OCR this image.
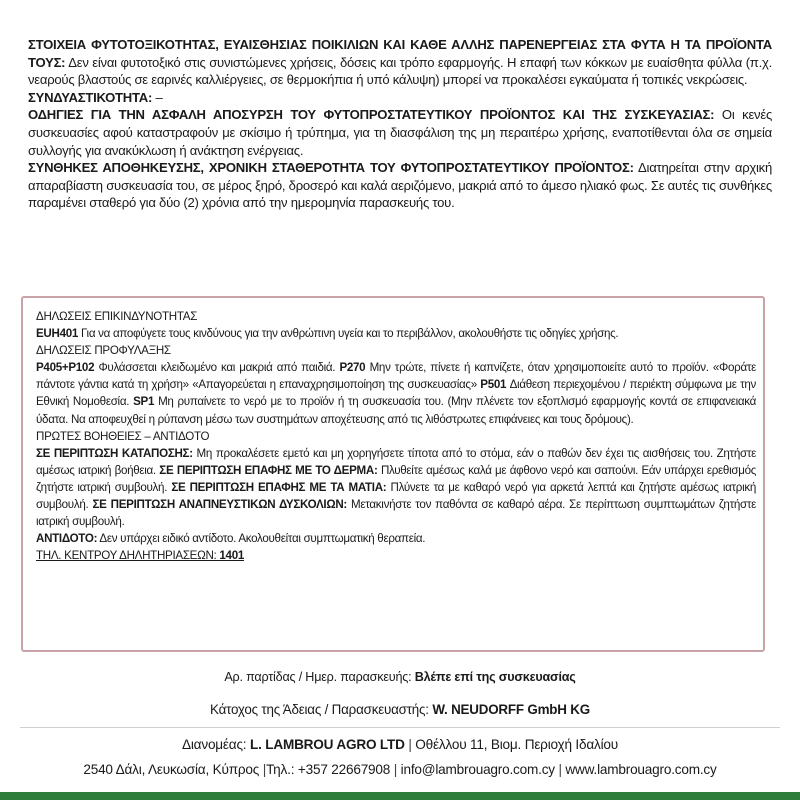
ΣΤΟΙΧΕΙΑ ΦΥΤΟΤΟΞΙΚΟΤΗΤΑΣ, ΕΥΑΙΣΘΗΣΙΑΣ ΠΟΙΚΙΛΙΩΝ ΚΑΙ ΚΑΘΕ ΑΛΛΗΣ ΠΑΡΕΝΕΡΓΕΙΑΣ ΣΤΑ ΦΥΤΑ Η ΤΑ ΠΡΟΪΟΝΤΑ ΤΟΥΣ: Δεν είναι φυτοτοξικό στις συνιστώμενες χρήσεις, δόσεις και τρόπο εφαρμογής. Η επαφή των κόκκων με ευαίσθητα φύλλα (π.χ. νεαρούς βλαστούς σε εαρινές καλλιέργειες, σε θερμοκήπια ή υπό κάλυψη) μπορεί να προκαλέσει εγκαύματα ή τοπικές νεκρώσεις.

ΣΥΝΔΥΑΣΤΙΚΟΤΗΤΑ: –

ΟΔΗΓΙΕΣ ΓΙΑ ΤΗΝ ΑΣΦΑΛΗ ΑΠΟΣΥΡΣΗ ΤΟΥ ΦΥΤΟΠΡΟΣΤΑΤΕΥΤΙΚΟΥ ΠΡΟΪΟΝΤΟΣ ΚΑΙ ΤΗΣ ΣΥΣΚΕΥΑΣΙΑΣ: Οι κενές συσκευασίες αφού καταστραφούν με σκίσιμο ή τρύπημα, για τη διασφάλιση της μη περαιτέρω χρήσης, εναποτίθενται όλα σε σημεία συλλογής για ανακύκλωση ή ανάκτηση ενέργειας.

ΣΥΝΘΗΚΕΣ ΑΠΟΘΗΚΕΥΣΗΣ, ΧΡΟΝΙΚΗ ΣΤΑΘΕΡΟΤΗΤΑ ΤΟΥ ΦΥΤΟΠΡΟΣΤΑΤΕΥΤΙΚΟΥ ΠΡΟΪΟΝΤΟΣ: Διατηρείται στην αρχική απαραβίαστη συσκευασία του, σε μέρος ξηρό, δροσερό και καλά αεριζόμενο, μακριά από το άμεσο ηλιακό φως. Σε αυτές τις συνθήκες παραμένει σταθερό για δύο (2) χρόνια από την ημερομηνία παρασκευής του.

ΔΗΛΩΣΕΙΣ ΕΠΙΚΙΝΔΥΝΟΤΗΤΑΣ

EUH401 Για να αποφύγετε τους κινδύνους για την ανθρώπινη υγεία και το περιβάλλον, ακολουθήστε τις οδηγίες χρήσης.

ΔΗΛΩΣΕΙΣ ΠΡΟΦΥΛΑΞΗΣ

P405+P102 Φυλάσσεται κλειδωμένο και μακριά από παιδιά. P270 Μην τρώτε, πίνετε ή καπνίζετε, όταν χρησιμοποιείτε αυτό το προϊόν. «Φοράτε πάντοτε γάντια κατά τη χρήση» «Απαγορεύεται η επαναχρησιμοποίηση της συσκευασίας» P501 Διάθεση περιεχομένου / περιέκτη σύμφωνα με την Εθνική Νομοθεσία. SP1 Μη ρυπαίνετε το νερό με το προϊόν ή τη συσκευασία του. (Μην πλένετε τον εξοπλισμό εφαρμογής κοντά σε επιφανειακά ύδατα. Να αποφευχθεί η ρύπανση μέσω των συστημάτων αποχέτευσης από τις λιθόστρωτες επιφάνειες και τους δρόμους).

ΠΡΩΤΕΣ ΒΟΗΘΕΙΕΣ – ΑΝΤΙΔΟΤΟ

ΣΕ ΠΕΡΙΠΤΩΣΗ ΚΑΤΑΠΟΣΗΣ: Μη προκαλέσετε εμετό και μη χορηγήσετε τίποτα από το στόμα, εάν ο παθών δεν έχει τις αισθήσεις του. Ζητήστε αμέσως ιατρική βοήθεια. ΣΕ ΠΕΡΙΠΤΩΣΗ ΕΠΑΦΗΣ ΜΕ ΤΟ ΔΕΡΜΑ: Πλυθείτε αμέσως καλά με άφθονο νερό και σαπούνι. Εάν υπάρχει ερεθισμός ζητήστε ιατρική συμβουλή. ΣΕ ΠΕΡΙΠΤΩΣΗ ΕΠΑΦΗΣ ΜΕ ΤΑ ΜΑΤΙΑ: Πλύνετε τα με καθαρό νερό για αρκετά λεπτά και ζητήστε αμέσως ιατρική συμβουλή. ΣΕ ΠΕΡΙΠΤΩΣΗ ΑΝΑΠΝΕΥΣΤΙΚΩΝ ΔΥΣΚΟΛΙΩΝ: Μετακινήστε τον παθόντα σε καθαρό αέρα. Σε περίπτωση συμπτωμάτων ζητήστε ιατρική συμβουλή.

ΑΝΤΙΔΟΤΟ: Δεν υπάρχει ειδικό αντίδοτο. Ακολουθείται συμπτωματική θεραπεία.

ΤΗΛ. ΚΕΝΤΡΟΥ ΔΗΛΗΤΗΡΙΑΣΕΩΝ: 1401

Αρ. παρτίδας / Ημερ. παρασκευής: Βλέπε επί της συσκευασίας
Κάτοχος της Άδειας / Παρασκευαστής: W. NEUDORFF GmbH KG
Διανομέας: L. LAMBROU AGRO LTD | Οθέλλου 11, Βιομ. Περιοχή Ιδαλίου
2540 Δάλι, Λευκωσία, Κύπρος |Τηλ.: +357 22667908 | info@lambrouagro.com.cy | www.lambrouagro.com.cy
